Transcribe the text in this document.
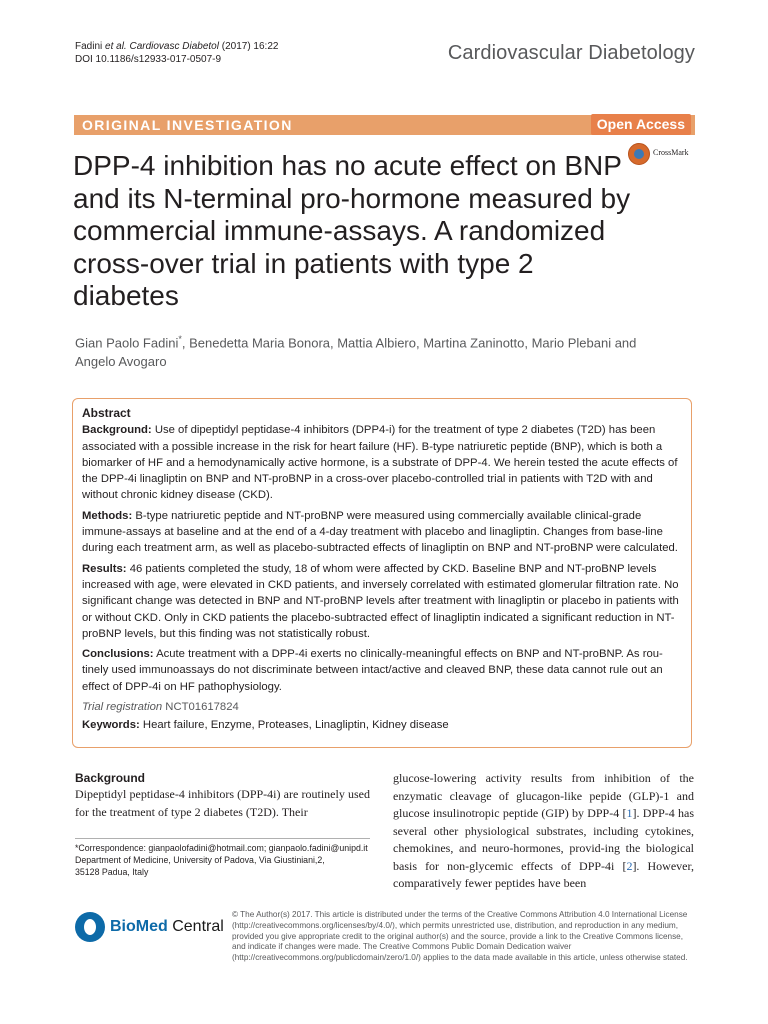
Fadini et al. Cardiovasc Diabetol (2017) 16:22
DOI 10.1186/s12933-017-0507-9	Cardiovascular Diabetology
ORIGINAL INVESTIGATION	Open Access
CrossMark
DPP-4 inhibition has no acute effect on BNP and its N-terminal pro-hormone measured by commercial immune-assays. A randomized cross-over trial in patients with type 2 diabetes
Gian Paolo Fadini*, Benedetta Maria Bonora, Mattia Albiero, Martina Zaninotto, Mario Plebani and Angelo Avogaro
Abstract

Background: Use of dipeptidyl peptidase-4 inhibitors (DPP4-i) for the treatment of type 2 diabetes (T2D) has been associated with a possible increase in the risk for heart failure (HF). B-type natriuretic peptide (BNP), which is both a biomarker of HF and a hemodynamically active hormone, is a substrate of DPP-4. We herein tested the acute effects of the DPP-4i linagliptin on BNP and NT-proBNP in a cross-over placebo-controlled trial in patients with T2D with and without chronic kidney disease (CKD).

Methods: B-type natriuretic peptide and NT-proBNP were measured using commercially available clinical-grade immune-assays at baseline and at the end of a 4-day treatment with placebo and linagliptin. Changes from base-line during each treatment arm, as well as placebo-subtracted effects of linagliptin on BNP and NT-proBNP were calculated.

Results: 46 patients completed the study, 18 of whom were affected by CKD. Baseline BNP and NT-proBNP levels increased with age, were elevated in CKD patients, and inversely correlated with estimated glomerular filtration rate. No significant change was detected in BNP and NT-proBNP levels after treatment with linagliptin or placebo in patients with or without CKD. Only in CKD patients the placebo-subtracted effect of linagliptin indicated a significant reduction in NT-proBNP levels, but this finding was not statistically robust.

Conclusions: Acute treatment with a DPP-4i exerts no clinically-meaningful effects on BNP and NT-proBNP. As rou-tinely used immunoassays do not discriminate between intact/active and cleaved BNP, these data cannot rule out an effect of DPP-4i on HF pathophysiology.

Trial registration NCT01617824

Keywords: Heart failure, Enzyme, Proteases, Linagliptin, Kidney disease

Background
Dipeptidyl peptidase-4 inhibitors (DPP-4i) are routinely used for the treatment of type 2 diabetes (T2D). Their

*Correspondence: gianpaolofadini@hotmail.com; gianpaolo.fadini@unipd.it

Department of Medicine, University of Padova, Via Giustiniani,2,

35128 Padua, Italy

glucose-lowering activity results from inhibition of the enzymatic cleavage of glucagon-like pepide (GLP)-1 and glucose insulinotropic peptide (GIP) by DPP-4 [1]. DPP-4 has several other physiological substrates, including cytokines, chemokines, and neuro-hormones, provid-ing the biological basis for non-glycemic effects of DPP-4i [2]. However, comparatively fewer peptides have been
BioMed Central
© The Author(s) 2017. This article is distributed under the terms of the Creative Commons Attribution 4.0 International License (http://creativecommons.org/licenses/by/4.0/), which permits unrestricted use, distribution, and reproduction in any medium, provided you give appropriate credit to the original author(s) and the source, provide a link to the Creative Commons license, and indicate if changes were made. The Creative Commons Public Domain Dedication waiver (http://creativecommons.org/publicdomain/zero/1.0/) applies to the data made available in this article, unless otherwise stated.
